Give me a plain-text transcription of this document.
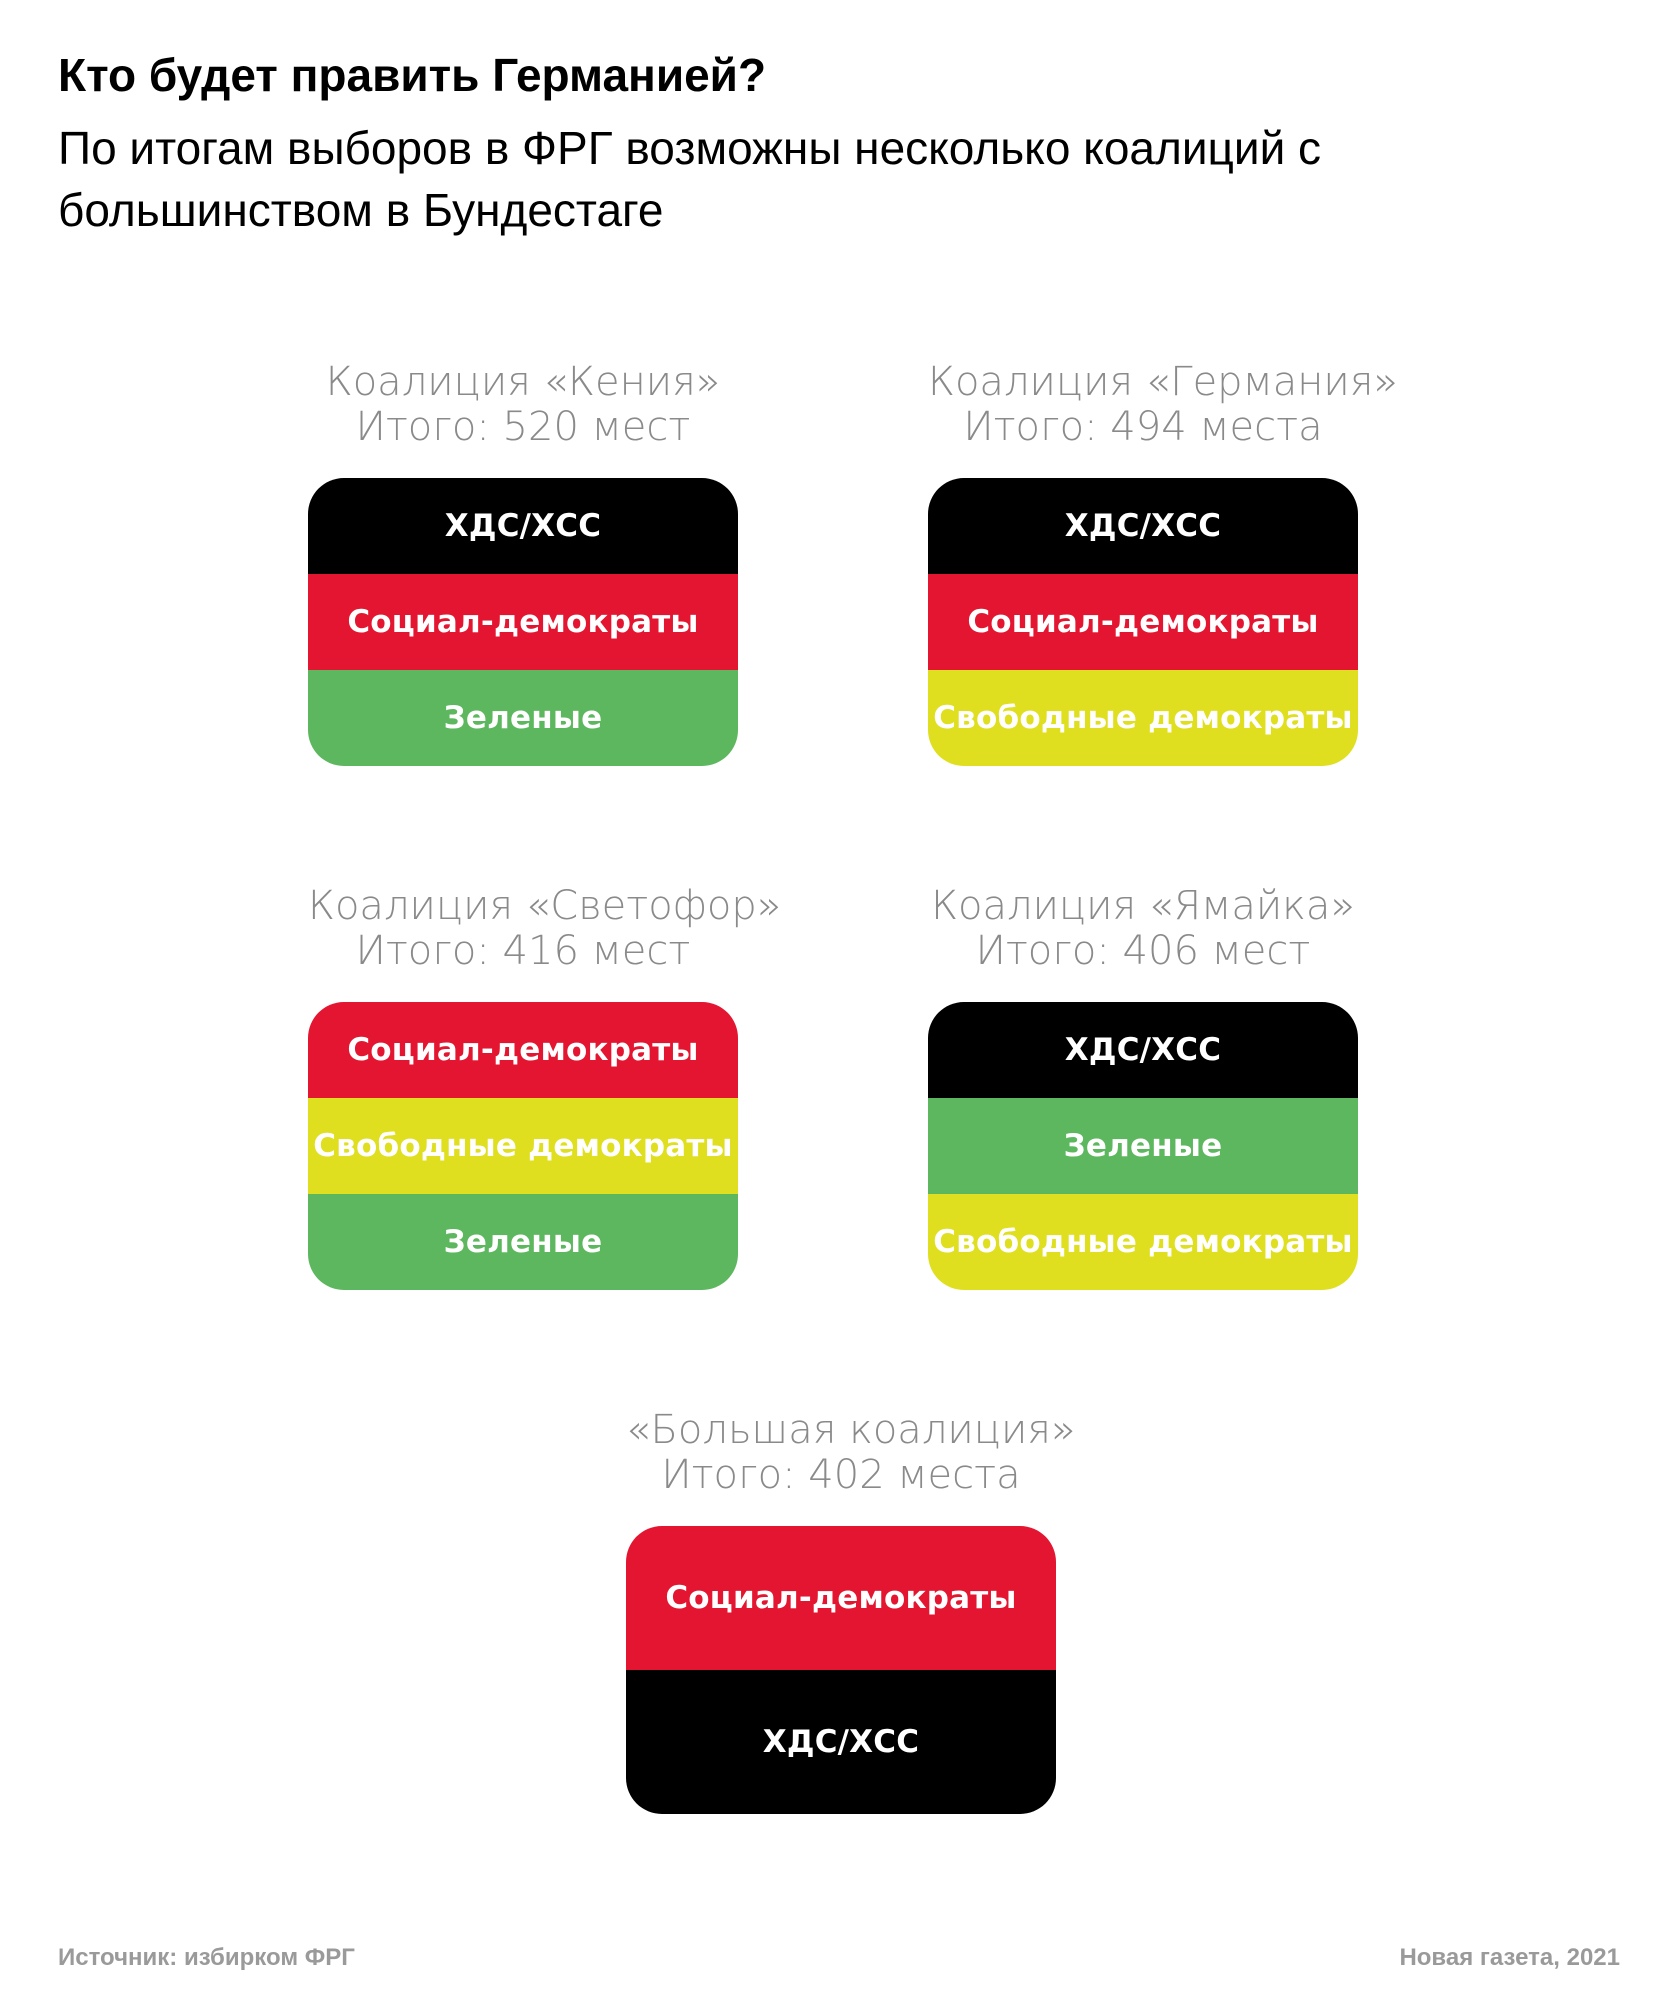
Кто будет править Германией?
По итогам выборов в ФРГ возможны несколько коалиций с большинством в Бундестаге
Коалиция «Кения»
Итого: 520 мест
ХДС/ХСС
Социал-демократы
Зеленые
Коалиция «Германия»
Итого: 494 места
ХДС/ХСС
Социал-демократы
Свободные демократы
Коалиция «Светофор»
Итого: 416 мест
Социал-демократы
Свободные демократы
Зеленые
Коалиция «Ямайка»
Итого: 406 мест
ХДС/ХСС
Зеленые
Свободные демократы
«Большая коалиция»
Итого: 402 места
Социал-демократы
ХДС/ХСС
Источник: избирком ФРГ	Новая газета, 2021
